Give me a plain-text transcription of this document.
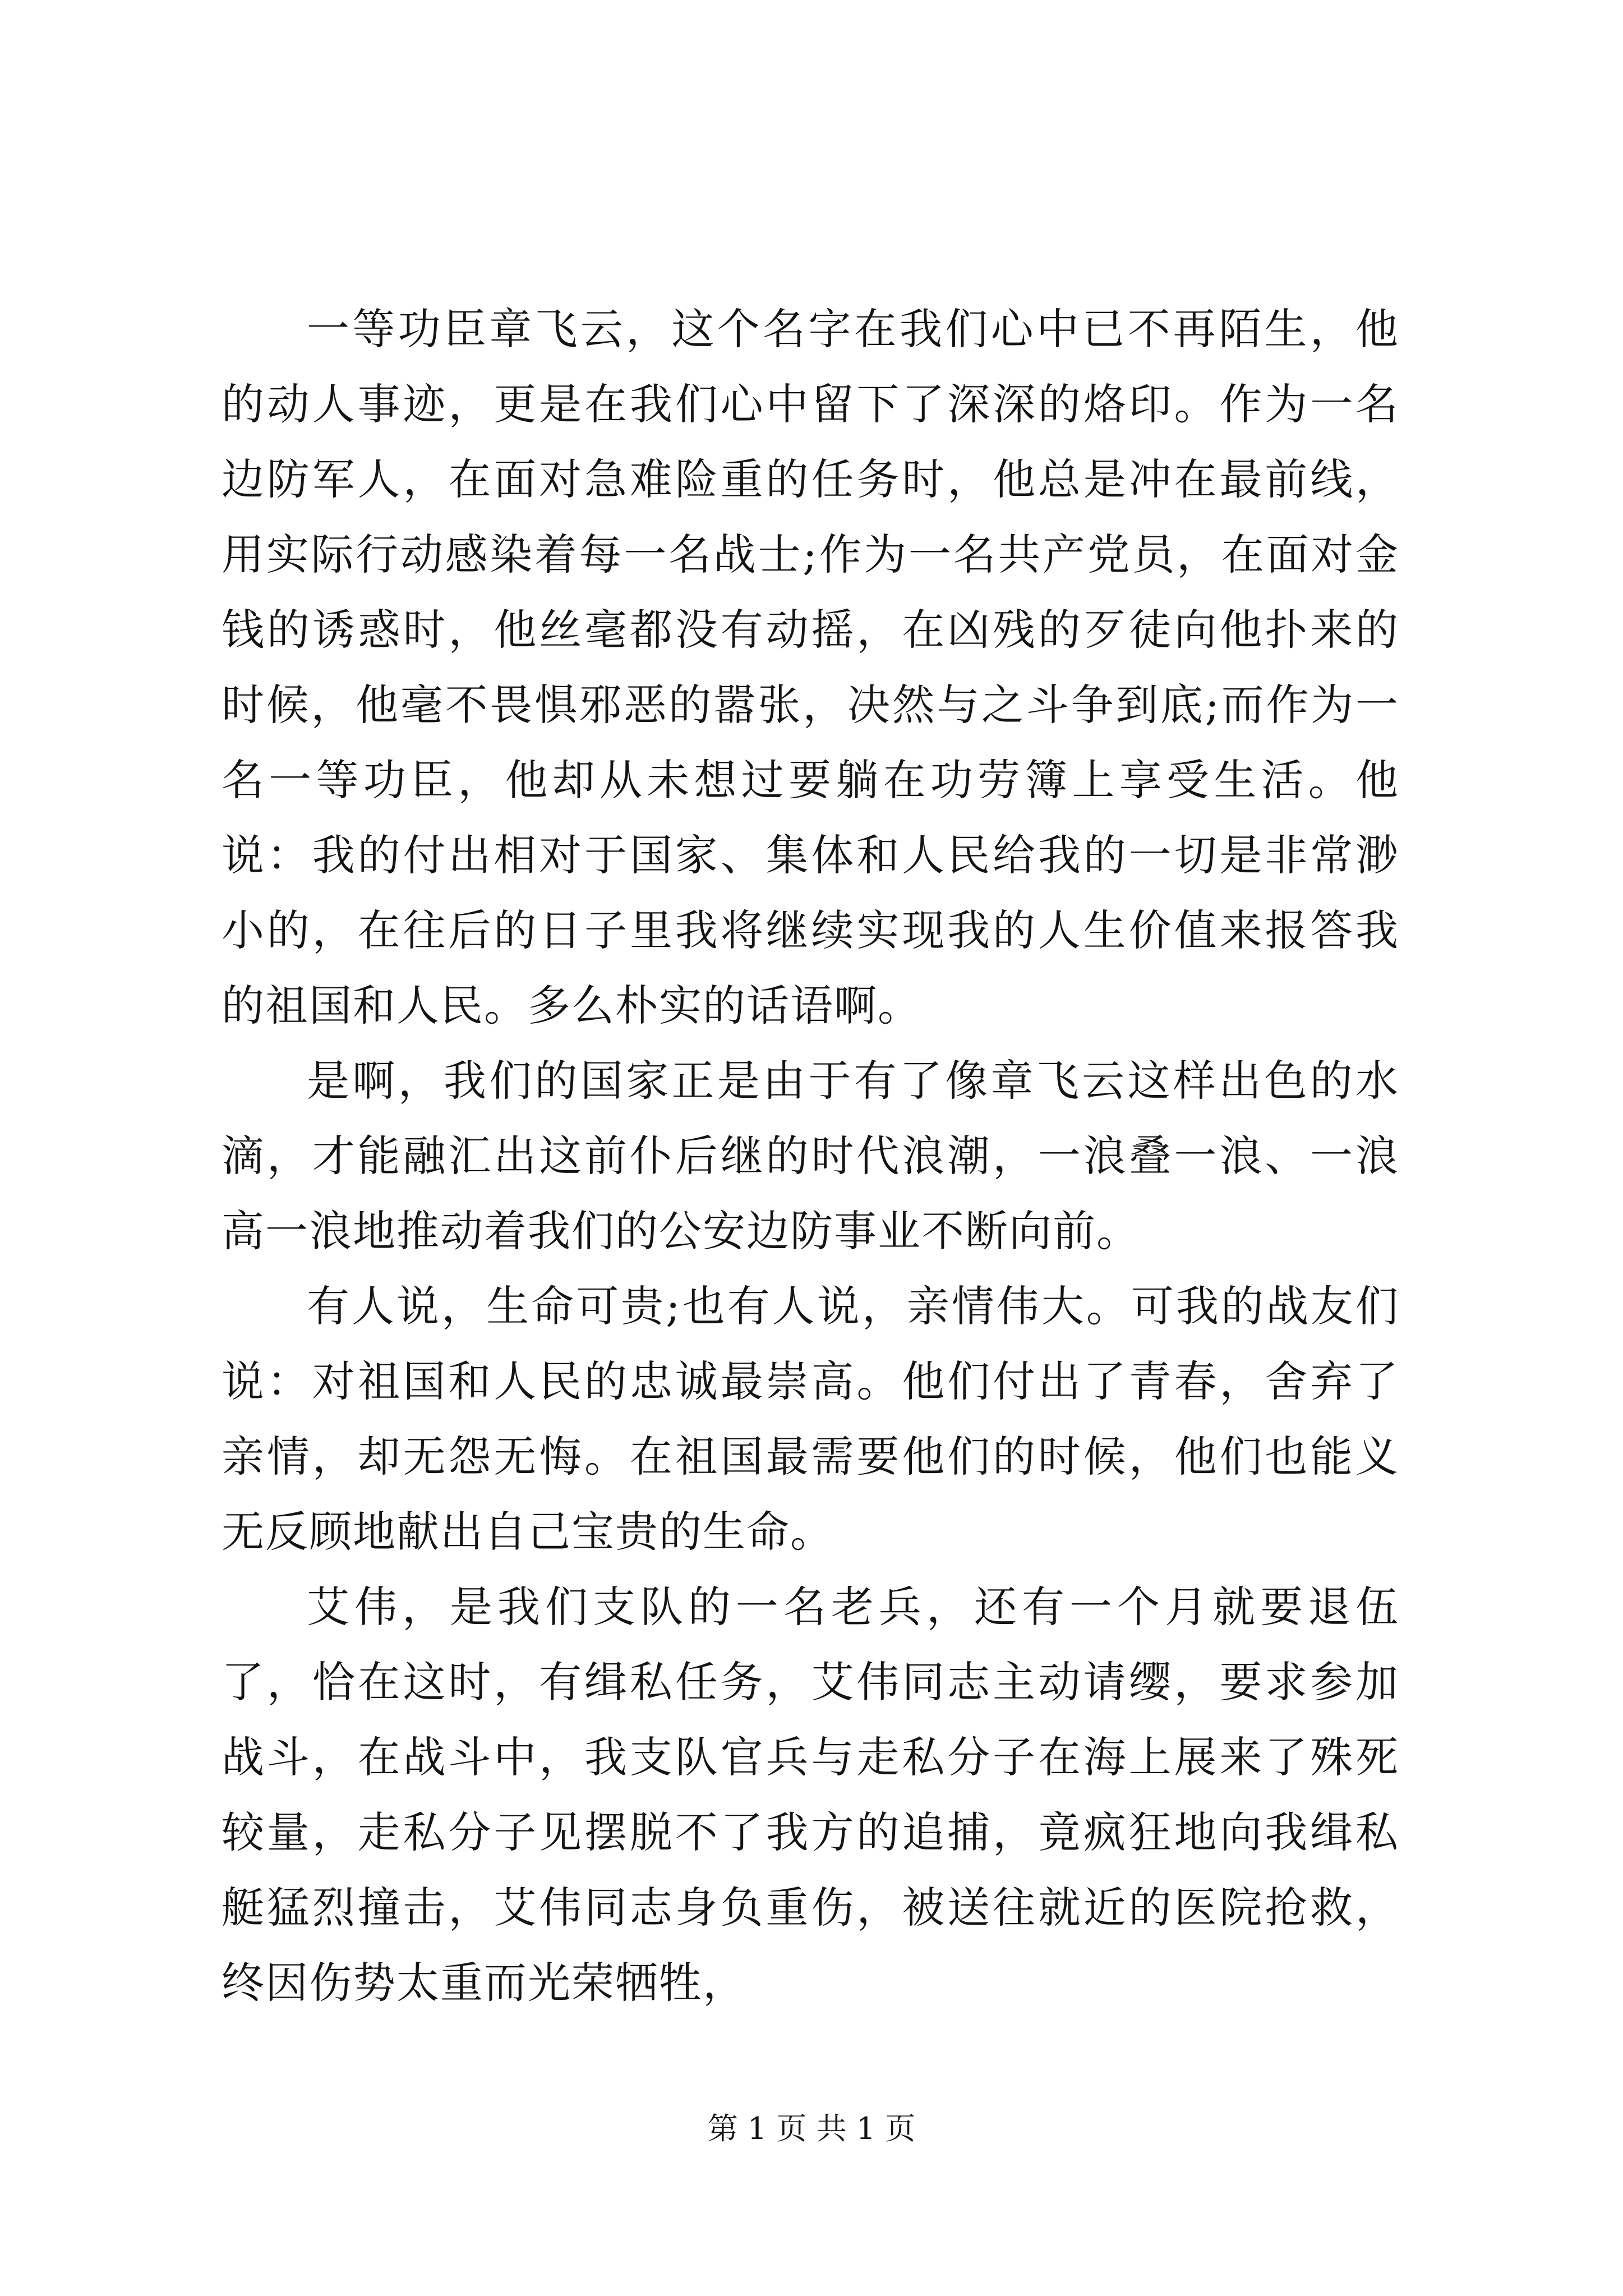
一等功臣章飞云，这个名字在我们心中已不再陌生，他的动人事迹，更是在我们心中留下了深深的烙印。作为一名边防军人，在面对急难险重的任务时，他总是冲在最前线，用实际行动感染着每一名战士;作为一名共产党员，在面对金钱的诱惑时，他丝毫都没有动摇，在凶残的歹徒向他扑来的时候，他毫不畏惧邪恶的嚣张，决然与之斗争到底;而作为一名一等功臣，他却从未想过要躺在功劳簿上享受生活。他说：我的付出相对于国家、集体和人民给我的一切是非常渺小的，在往后的日子里我将继续实现我的人生价值来报答我的祖国和人民。多么朴实的话语啊。

是啊，我们的国家正是由于有了像章飞云这样出色的水滴，才能融汇出这前仆后继的时代浪潮，一浪叠一浪、一浪高一浪地推动着我们的公安边防事业不断向前。

有人说，生命可贵;也有人说，亲情伟大。可我的战友们说：对祖国和人民的忠诚最崇高。他们付出了青春，舍弃了亲情，却无怨无悔。在祖国最需要他们的时候，他们也能义无反顾地献出自己宝贵的生命。

艾伟，是我们支队的一名老兵，还有一个月就要退伍了，恰在这时，有缉私任务，艾伟同志主动请缨，要求参加战斗，在战斗中，我支队官兵与走私分子在海上展来了殊死较量，走私分子见摆脱不了我方的追捕，竟疯狂地向我缉私艇猛烈撞击，艾伟同志身负重伤，被送往就近的医院抢救，终因伤势太重而光荣牺牲，

第 1 页 共 1 页
